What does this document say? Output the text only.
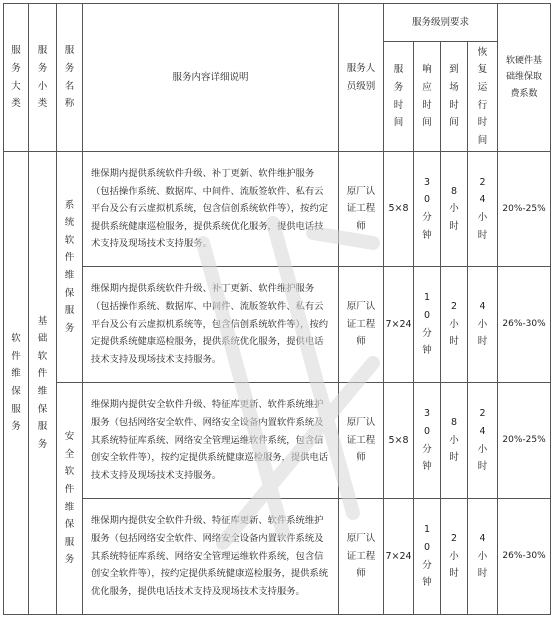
服务大类	服务小类	服务名称	服务内容详细说明	服务人员级别	服务级别要求				软硬件基础维保取费系数

					服务时间	响应时间	到场时间	恢复运行时间	

软件维保服务	基础软件维保服务	系统软件维保服务	维保期内提供系统软件升级、补丁更新、软件维护服务（包括操作系统、数据库、中间件、流版签软件、私有云平台及公有云虚拟机系统，包含信创系统软件等），按约定提供系统健康巡检服务，提供系统优化服务，提供电话技术支持及现场技术支持服务。	原厂认证工程师	5×8	30分钟	8小时	24小时	20%-25%
			维保期内提供系统软件升级、补丁更新、软件维护服务（包括操作系统、数据库、中间件、流版签软件、私有云平台及公有云虚拟机系统等，包含信创系统软件等），按约定提供系统健康巡检服务，提供系统优化服务，提供电话技术支持及现场技术支持服务。	原厂认证工程师	7×24	10分钟	2小时	4小时	26%-30%

		安全软件维保服务	维保期内提供安全软件升级、特征库更新、软件系统维护服务（包括网络安全软件、网络安全设备内置软件系统及其系统特征库系统、网络安全管理运维软件系统，包含信创安全软件等），按约定提供系统健康巡检服务，提供电话技术支持及现场技术支持服务。	原厂认证工程师	5×8	30分钟	8小时	24小时	20%-25%
			维保期内提供安全软件升级、特征库更新、软件系统维护服务（包括网络安全软件、网络安全设备内置软件系统及其系统特征库系统、网络安全管理运维软件系统，包含信创安全软件等），按约定提供系统健康巡检服务，提供系统优化服务，提供电话技术支持及现场技术支持服务。	原厂认证工程师	7×24	10分钟	2小时	4小时	26%-30%
